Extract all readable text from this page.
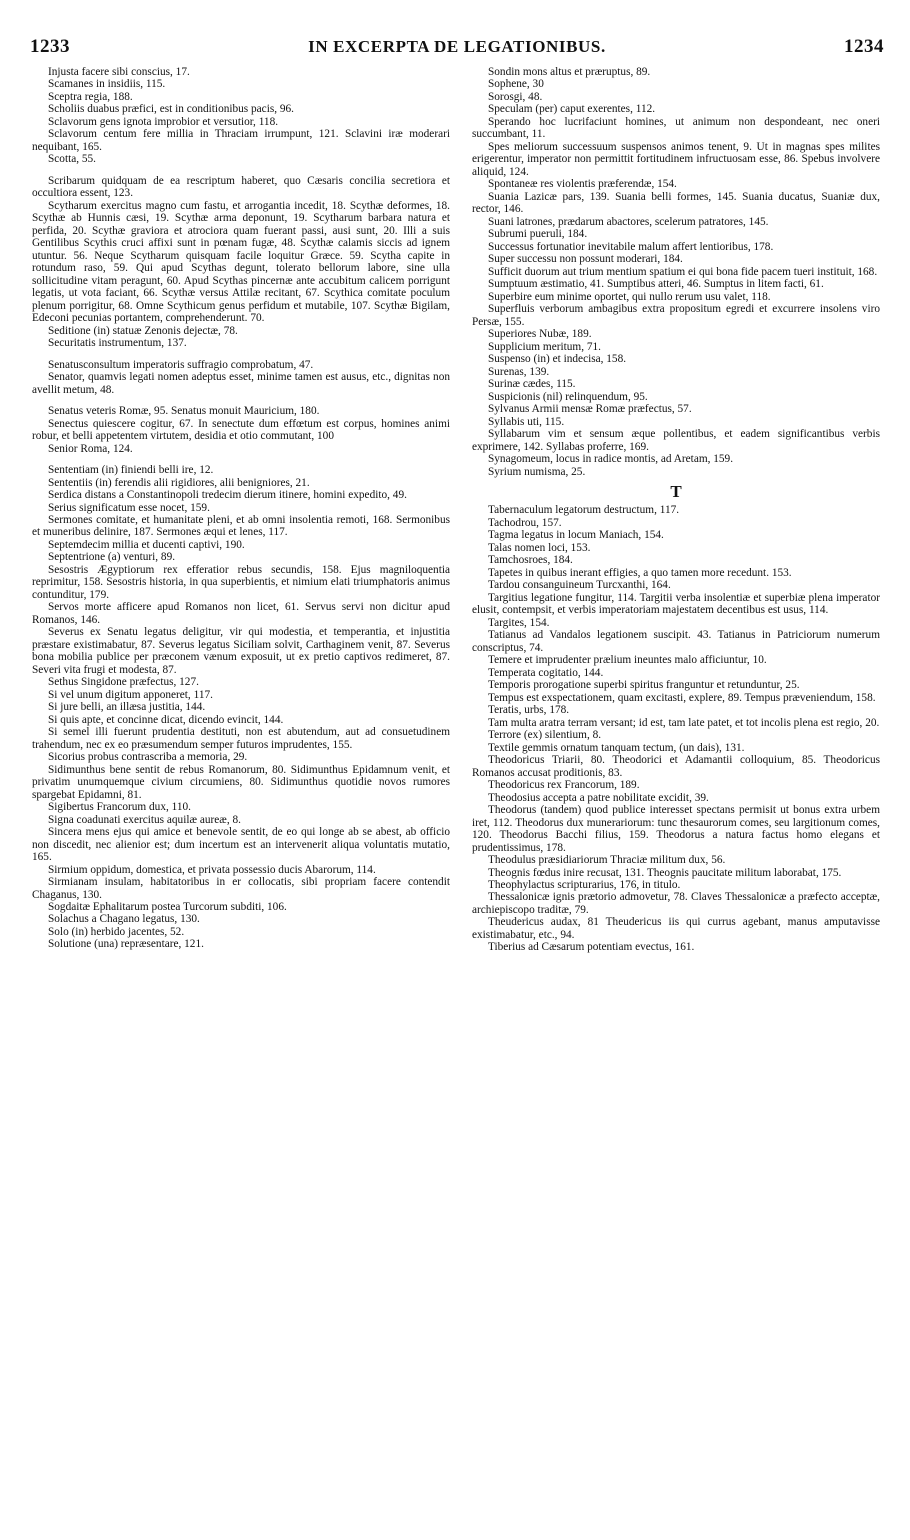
1233	IN EXCERPTA DE LEGATIONIBUS.	1234

Injusta facere sibi conscius, 17.

Scamanes in insidiis, 115.

Sceptra regia, 188.

Scholiis duabus præfici, est in conditionibus pacis, 96.

Sclavorum gens ignota improbior et versutior, 118.

Sclavorum centum fere millia in Thraciam irrumpunt, 121. Sclavini iræ moderari nequibant, 165.

Scotta, 55.

Scribarum quidquam de ea rescriptum haberet, quo Cæsaris concilia secretiora et occultiora essent, 123.

Scytharum exercitus magno cum fastu, et arrogantia incedit, 18. Scythæ deformes, 18. Scythæ ab Hunnis cæsi, 19. Scythæ arma deponunt, 19. Scytharum barbara natura et perfida, 20. Scythæ graviora et atrociora quam fuerant passi, ausi sunt, 20. Illi a suis Gentilibus Scythis cruci affixi sunt in pœnam fugæ, 48. Scythæ calamis siccis ad ignem utuntur. 56. Neque Scytharum quisquam facile loquitur Græce. 59. Scytha capite in rotundum raso, 59. Qui apud Scythas degunt, tolerato bellorum labore, sine ulla sollicitudine vitam peragunt, 60. Apud Scythas pincernæ ante accubitum calicem porrigunt legatis, ut vota faciant, 66. Scythæ versus Attilæ recitant, 67. Scythica comitate poculum plenum porrigitur, 68. Omne Scythicum genus perfidum et mutabile, 107. Scythæ Bigilam, Edeconi pecunias portantem, comprehenderunt. 70.

Seditione (in) statuæ Zenonis dejectæ, 78.

Securitatis instrumentum, 137.

Senatusconsultum imperatoris suffragio comprobatum, 47.

Senator, quamvis legati nomen adeptus esset, minime tamen est ausus, etc., dignitas non avellit metum, 48.

Senatus veteris Romæ, 95. Senatus monuit Mauricium, 180.

Senectus quiescere cogitur, 67. In senectute dum effœtum est corpus, homines animi robur, et belli appetentem virtutem, desidia et otio commutant, 100

Senior Roma, 124.

Sententiam (in) finiendi belli ire, 12.

Sententiis (in) ferendis alii rigidiores, alii benigniores, 21.

Serdica distans a Constantinopoli tredecim dierum itinere, homini expedito, 49.

Serius significatum esse nocet, 159.

Sermones comitate, et humanitate pleni, et ab omni insolentia remoti, 168. Sermonibus et muneribus delinire, 187. Sermones æqui et lenes, 117.

Septemdecim millia et ducenti captivi, 190.

Septentrione (a) venturi, 89.

Sesostris Ægyptiorum rex efferatior rebus secundis, 158. Ejus magniloquentia reprimitur, 158. Sesostris historia, in qua superbientis, et nimium elati triumphatoris animus contunditur, 179.

Servos morte afficere apud Romanos non licet, 61. Servus servi non dicitur apud Romanos, 146.

Severus ex Senatu legatus deligitur, vir qui modestia, et temperantia, et injustitia præstare existimabatur, 87. Severus legatus Siciliam solvit, Carthaginem venit, 87. Severus bona mobilia publice per præconem vænum exposuit, ut ex pretio captivos redimeret, 87. Severi vita frugi et modesta, 87.

Sethus Singidone præfectus, 127.

Si vel unum digitum apponeret, 117.

Si jure belli, an illæsa justitia, 144.

Si quis apte, et concinne dicat, dicendo evincit, 144.

Si semel illi fuerunt prudentia destituti, non est abutendum, aut ad consuetudinem trahendum, nec ex eo præsumendum semper futuros imprudentes, 155.

Sicorius probus contrascriba a memoria, 29.

Sidimunthus bene sentit de rebus Romanorum, 80. Sidimunthus Epidamnum venit, et privatim unumquemque civium circumiens, 80. Sidimunthus quotidie novos rumores spargebat Epidamni, 81.

Sigibertus Francorum dux, 110.

Signa coadunati exercitus aquilæ aureæ, 8.

Sincera mens ejus qui amice et benevole sentit, de eo qui longe ab se abest, ab officio non discedit, nec alienior est; dum incertum est an intervenerit aliqua voluntatis mutatio, 165.

Sirmium oppidum, domestica, et privata possessio ducis Abarorum, 114.

Sirmianam insulam, habitatoribus in er collocatis, sibi propriam facere contendit Chaganus, 130.

Sogdaitæ Ephalitarum postea Turcorum subditi, 106.

Solachus a Chagano legatus, 130.

Solo (in) herbido jacentes, 52.

Solutione (una) repræsentare, 121.

Sondin mons altus et præruptus, 89.

Sophene, 30

Sorosgi, 48.

Speculam (per) caput exerentes, 112.

Sperando hoc lucrifaciunt homines, ut animum non despondeant, nec oneri succumbant, 11.

Spes meliorum successuum suspensos animos tenent, 9. Ut in magnas spes milites erigerentur, imperator non permittit fortitudinem infructuosam esse, 86. Spebus involvere aliquid, 124.

Spontaneæ res violentis præferendæ, 154.

Suania Lazicæ pars, 139. Suania belli formes, 145. Suania ducatus, Suaniæ dux, rector, 146.

Suani latrones, prædarum abactores, scelerum patratores, 145.

Subrumi pueruli, 184.

Successus fortunatior inevitabile malum affert lentioribus, 178.

Super successu non possunt moderari, 184.

Sufficit duorum aut trium mentium spatium ei qui bona fide pacem tueri instituit, 168.

Sumptuum æstimatio, 41. Sumptibus atteri, 46. Sumptus in litem facti, 61.

Superbire eum minime oportet, qui nullo rerum usu valet, 118.

Superfluis verborum ambagibus extra propositum egredi et excurrere insolens viro Persæ, 155.

Superiores Nubæ, 189.

Supplicium meritum, 71.

Suspenso (in) et indecisa, 158.

Surenas, 139.

Surinæ cædes, 115.

Suspicionis (nil) relinquendum, 95.

Sylvanus Armii mensæ Romæ præfectus, 57.

Syllabis uti, 115.

Syllabarum vim et sensum æque pollentibus, et eadem significantibus verbis exprimere, 142. Syllabas proferre, 169.

Synagomeum, locus in radice montis, ad Aretam, 159.

Syrium numisma, 25.

T

Tabernaculum legatorum destructum, 117.

Tachodrou, 157.

Tagma legatus in locum Maniach, 154.

Talas nomen loci, 153.

Tamchosroes, 184.

Tapetes in quibus inerant effigies, a quo tamen more recedunt. 153.

Tardou consanguineum Turcxanthi, 164.

Targitius legatione fungitur, 114. Targitii verba insolentiæ et superbiæ plena imperator elusit, contempsit, et verbis imperatoriam majestatem decentibus est usus, 114.

Targites, 154.

Tatianus ad Vandalos legationem suscipit. 43. Tatianus in Patriciorum numerum conscriptus, 74.

Temere et imprudenter prælium ineuntes malo afficiuntur, 10.

Temperata cogitatio, 144.

Temporis prorogatione superbi spiritus franguntur et retunduntur, 25.

Tempus est exspectationem, quam excitasti, explere, 89. Tempus præveniendum, 158.

Teratis, urbs, 178.

Tam multa aratra terram versant; id est, tam late patet, et tot incolis plena est regio, 20.

Terrore (ex) silentium, 8.

Textile gemmis ornatum tanquam tectum, (un dais), 131.

Theodoricus Triarii, 80. Theodorici et Adamantii colloquium, 85. Theodoricus Romanos accusat proditionis, 83.

Theodoricus rex Francorum, 189.

Theodosius accepta a patre nobilitate excidit, 39.

Theodorus (tandem) quod publice interesset spectans permisit ut bonus extra urbem iret, 112. Theodorus dux munerariorum: tunc thesaurorum comes, seu largitionum comes, 120. Theodorus Bacchi filius, 159. Theodorus a natura factus homo elegans et prudentissimus, 178.

Theodulus præsidiariorum Thraciæ militum dux, 56.

Theognis fœdus inire recusat, 131. Theognis paucitate militum laborabat, 175.

Theophylactus scripturarius, 176, in titulo.

Thessalonicæ ignis prætorio admovetur, 78. Claves Thessalonicæ a præfecto acceptæ, archiepiscopo traditæ, 79.

Theudericus audax, 81 Theudericus iis qui currus agebant, manus amputavisse existimabatur, etc., 94.

Tiberius ad Cæsarum potentiam evectus, 161.
